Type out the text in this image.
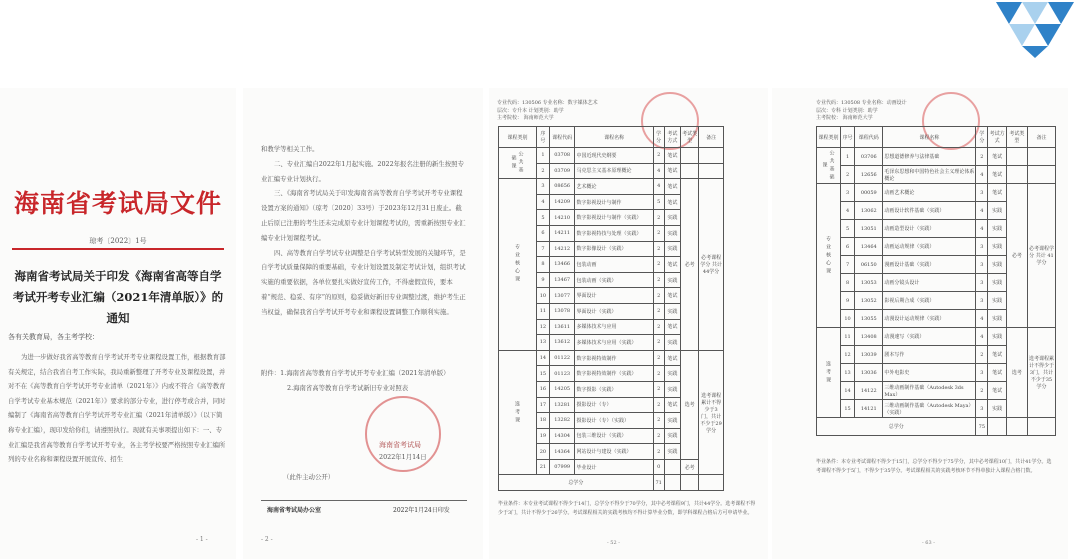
海南省考试局文件
琼考〔2022〕1号
海南省考试局关于印发《海南省高等自学
考试开考专业汇编（2021年清单版）》的通知
各有关教育局，各主考学校：

为进一步做好我省高等教育自学考试开考专业课程设置工作，根据教育部有关规定，结合我省自考工作实际，我局重新整理了开考专业及课程设置，并对不在《高等教育自学考试开考专业清单（2021年）》内或不符合《高等教育自学考试专业基本规范（2021年）》要求的部分专业，进行停考或合并，同时编制了《海南省高等教育自学考试开考专业汇编（2021年清单版）》（以下简称专业汇编），现印发给你们，请遵照执行。现就有关事项提出如下：一、专业汇编是我省高等教育自学考试开考专业，各主考学校要严格按照专业汇编所列的专业名称和课程设置开展宣传、招生

- 1 -

和教学等相关工作。

二、专业汇编自2022年1月起实施。2022年报名注册的新生按照专业汇编专业计划执行。

三、《海南省考试局关于印发海南省高等教育自学考试开考专业课程设置方案的通知》（琼考〔2020〕33号）于2023年12月31日废止。截止后原已注册的考生还未完成原专业计划课程考试的，需重新按照专业汇编专业计划课程考试。

四、高等教育自学考试专业调整是自学考试转型发展的关键环节，是自学考试质量保障的重要基础，专业计划设置及制定考试计划，组织考试实施的重要依据，各单位要扎实做好宣传工作，不得虚假宣传，要本着“规范、稳妥、有序”的原则，稳妥做好新旧专业调整过渡，维护考生正当权益，确保我省自学考试开考专业和课程设置调整工作顺利实施。

附件：1.海南省高等教育自学考试开考专业汇编（2021年清单版）

2.海南省高等教育自学考试新旧专业对照表

海南省考试局
2022年1月14日
（此件主动公开）
海南省考试局办公室	2022年1月24日印发
- 2 -
专业代码：130506 专业名称：数字媒体艺术
层次：专升本 计划类别：助学
主考院校： 海南师范大学
课程类别	序号	课程代码	课程名称	学分	考试方式	考试类型	备注
公共基础课	1	03708	中国近现代史纲要	2	笔试		
	2	03709	马克思主义基本原理概论	4	笔试		
专业核心课	3	08656	艺术概论	4	笔试	必考	必考课程学分 共计44学分
	4	14209	数字影视设计与制作	5	笔试		
	5	14210	数字影视设计与制作（实践）	2	实践		
	6	14211	数字影视特技与处理（实践）	2	实践		
	7	14212	数字影像设计（实践）	2	实践		
	8	13466	包装动画	2	笔试		
	9	13467	包装动画（实践）	2	实践		
	10	13077	界面设计	2	笔试		
	11	13078	界面设计（实践）	2	实践		
	12	13611	多媒体技术与应用	2	笔试		
	13	13612	多媒体技术与应用（实践）	2	实践		
选考课	14	01122	数字影视特效制作	2	笔试	选考	选考课程累计不得少于3门，共计不少于29学分
	15	01123	数字影视特效制作（实践）	2	实践		
	16	14205	数字摄影（实践）	2	实践		
	17	13281	摄影设计（专）	2	笔试		
	18	13282	摄影设计（专）（实践）	2	实践		
	19	14304	包装三维设计（实践）	2	实践		
	20	14364	网站设计与建设（实践）	2	实践		
	21	07999	毕业设计	0		必考	
总学分				71			
毕业条件：本专业考试课程不得少于14门，总学分不得少于70学分，其中必考课程9门，共计44学分。选考课程不得少于3门，共计不得少于26学分。考试课程相关的实践考核均不得计算毕业分数，即学科课程合格后方可申请毕业。
- 52 -
专业代码：130508 专业名称：动画设计
层次：专科 计划类别：助学
主考院校： 海南师范大学
课程类别	序号	课程代码	课程名称	学分	考试方式	考试类型	备注
公共基础课	1	03706	思想道德修养与法律基础	2	笔试		
	2	12656	毛泽东思想和中国特色社会主义理论体系概论	4	笔试		
专业核心课	3	00059	动画艺术概论	3	笔试	必考	必考课程学分 共计 41学分
	4	13062	动画设计软件基础（实践）	4	实践		
	5	13051	动画造型设计（实践）	4	实践		
	6	13464	动画运动规律（实践）	3	实践		
	7	06150	漫画设计基础（实践）	3	实践		
	8	13053	动画分镜头设计	3	实践		
	9	13052	影视后期合成（实践）	3	实践		
	10	13055	动漫设计运动规律（实践）	4	实践		
选考课	11	13408	动漫速写（实践）	4	实践	选考	选考课程累计不得少于3门，共计不少于35学分
	12	13039	剧本写作	2	笔试		
	13	13036	中外电影史	3	笔试		
	14	14122	三维动画制作基础（Autodesk 3ds Max）	2	笔试		
	15	14121	三维动画制作基础（Autodesk Maya）（实践）	3	实践		
总学分				75			
毕业条件：本专业考试课程不得少于15门，总学分不得少于75学分，其中必考课程10门，共计41学分。选考课程不得少于5门，不得少于35学分。考试课程相关的实践考核环节不得单独计入课程合格门数。
- 63 -
